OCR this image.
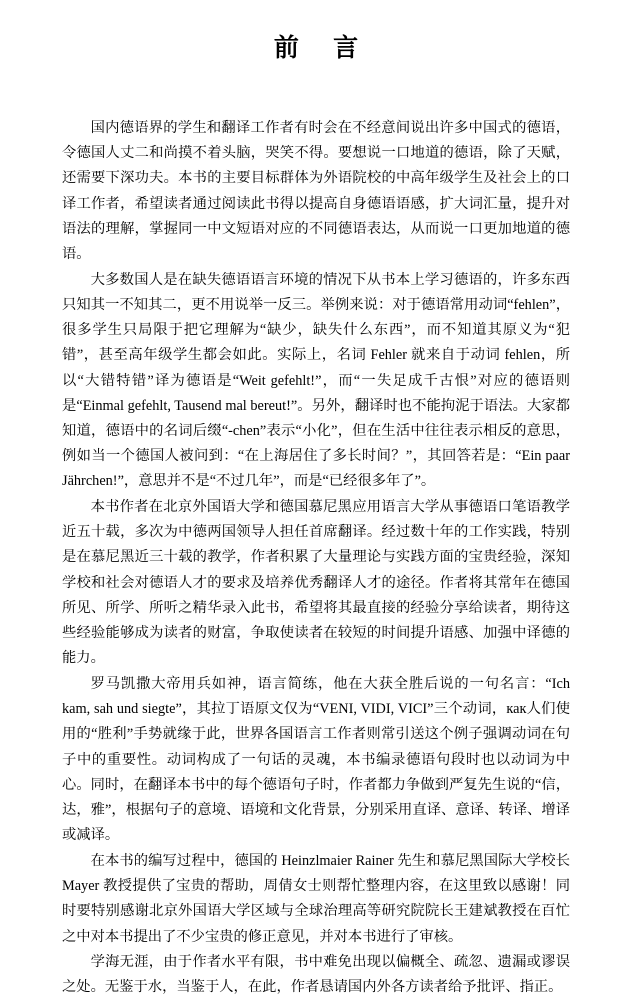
前 言

国内德语界的学生和翻译工作者有时会在不经意间说出许多中国式的德语，令德国人丈二和尚摸不着头脑，哭笑不得。要想说一口地道的德语，除了天赋，还需要下深功夫。本书的主要目标群体为外语院校的中高年级学生及社会上的口译工作者，希望读者通过阅读此书得以提高自身德语语感，扩大词汇量，提升对语法的理解，掌握同一中文短语对应的不同德语表达，从而说一口更加地道的德语。

大多数国人是在缺失德语语言环境的情况下从书本上学习德语的，许多东西只知其一不知其二，更不用说举一反三。举例来说：对于德语常用动词“fehlen”，很多学生只局限于把它理解为“缺少，缺失什么东西”，而不知道其原义为“犯错”，甚至高年级学生都会如此。实际上，名词 Fehler 就来自于动词 fehlen，所以“大错特错”译为德语是“Weit gefehlt!”，而“一失足成千古恨”对应的德语则是“Einmal gefehlt, Tausend mal bereut!”。另外，翻译时也不能拘泥于语法。大家都知道，德语中的名词后缀“-chen”表示“小化”，但在生活中往往表示相反的意思，例如当一个德国人被问到：“在上海居住了多长时间？”，其回答若是：“Ein paar Jährchen!”，意思并不是“不过几年”，而是“已经很多年了”。

本书作者在北京外国语大学和德国慕尼黑应用语言大学从事德语口笔语教学近五十载，多次为中德两国领导人担任首席翻译。经过数十年的工作实践，特别是在慕尼黑近三十载的教学，作者积累了大量理论与实践方面的宝贵经验，深知学校和社会对德语人才的要求及培养优秀翻译人才的途径。作者将其常年在德国所见、所学、所听之精华录入此书，希望将其最直接的经验分享给读者，期待这些经验能够成为读者的财富，争取使读者在较短的时间提升语感、加强中译德的能力。

罗马凯撒大帝用兵如神，语言简练，他在大获全胜后说的一句名言：“Ich kam, sah und siegte”，其拉丁语原文仅为“VENI, VIDI, VICI”三个动词，как人们使用的“胜利”手势就缘于此，世界各国语言工作者则常引送这个例子强调动词在句子中的重要性。动词构成了一句话的灵魂，本书编录德语句段时也以动词为中心。同时，在翻译本书中的每个德语句子时，作者都力争做到严复先生说的“信，达，雅”，根据句子的意境、语境和文化背景，分别采用直译、意译、转译、增译或减译。

在本书的编写过程中，德国的 Heinzlmaier Rainer 先生和慕尼黑国际大学校长 Mayer 教授提供了宝贵的帮助，周倩女士则帮忙整理内容，在这里致以感谢！同时要特别感谢北京外国语大学区域与全球治理高等研究院院长王建斌教授在百忙之中对本书提出了不少宝贵的修正意见，并对本书进行了审核。

学海无涯，由于作者水平有限，书中难免出现以偏概全、疏忽、遗漏或谬误之处。无鉴于水，当鉴于人，在此，作者恳请国内外各方读者给予批评、指正。
